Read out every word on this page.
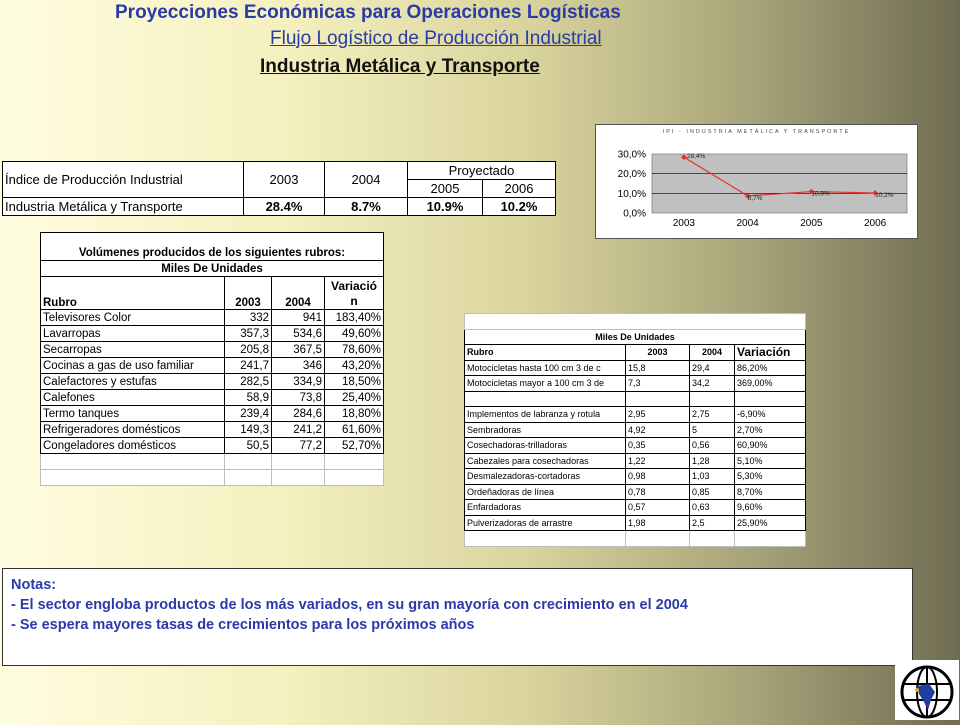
Proyecciones Económicas para Operaciones Logísticas
Flujo Logístico de Producción Industrial
Industria Metálica y Transporte
Índice de Producción Industrial	2003	2004	Proyectado	
			2005	2006
Industria Metálica y Transporte	28.4%	8.7%	10.9%	10.2%

Volúmenes producidos de los siguientes rubros:			
Miles De Unidades			
Rubro	2003	2004	Variació n
Televisores Color	332	941	183,40%
Lavarropas	357,3	534,6	49,60%
Secarropas	205,8	367,5	78,60%
Cocinas a gas de uso familiar	241,7	346	43,20%
Calefactores y estufas	282,5	334,9	18,50%
Calefones	58,9	73,8	25,40%
Termo tanques	239,4	284,6	18,80%
Refrigeradores domésticos	149,3	241,2	61,60%
Congeladores domésticos	50,5	77,2	52,70%

Miles De Unidades			
Rubro	2003	2004	Variación
Motocicletas hasta 100 cm 3 de c	15,8	29,4	86,20%
Motocicletas mayor a 100 cm 3 de	7,3	34,2	369,00%

Implementos de labranza y rotula	2,95	2,75	-6,90%
Sembradoras	4,92	5	2,70%
Cosechadoras-trilladoras	0,35	0,56	60,90%
Cabezales para cosechadoras	1,22	1,28	5,10%
Desmalezadoras-cortadoras	0,98	1,03	5,30%
Ordeñadoras de línea	0,78	0,85	8,70%
Enfardadoras	0,57	0,63	9,60%
Pulverizadoras de arrastre	1,98	2,5	25,90%

IPI - INDUSTRIA METÁLICA Y TRANSPORTE
0,0%
10,0%
20,0%
30,0%
2003	2004	2005	2006
28,4%
8,7%
10,9%	10,2%
Notas:
- El sector engloba productos de los más variados, en su gran mayoría con crecimiento en el 2004
- Se espera mayores tasas de crecimientos para los próximos años
